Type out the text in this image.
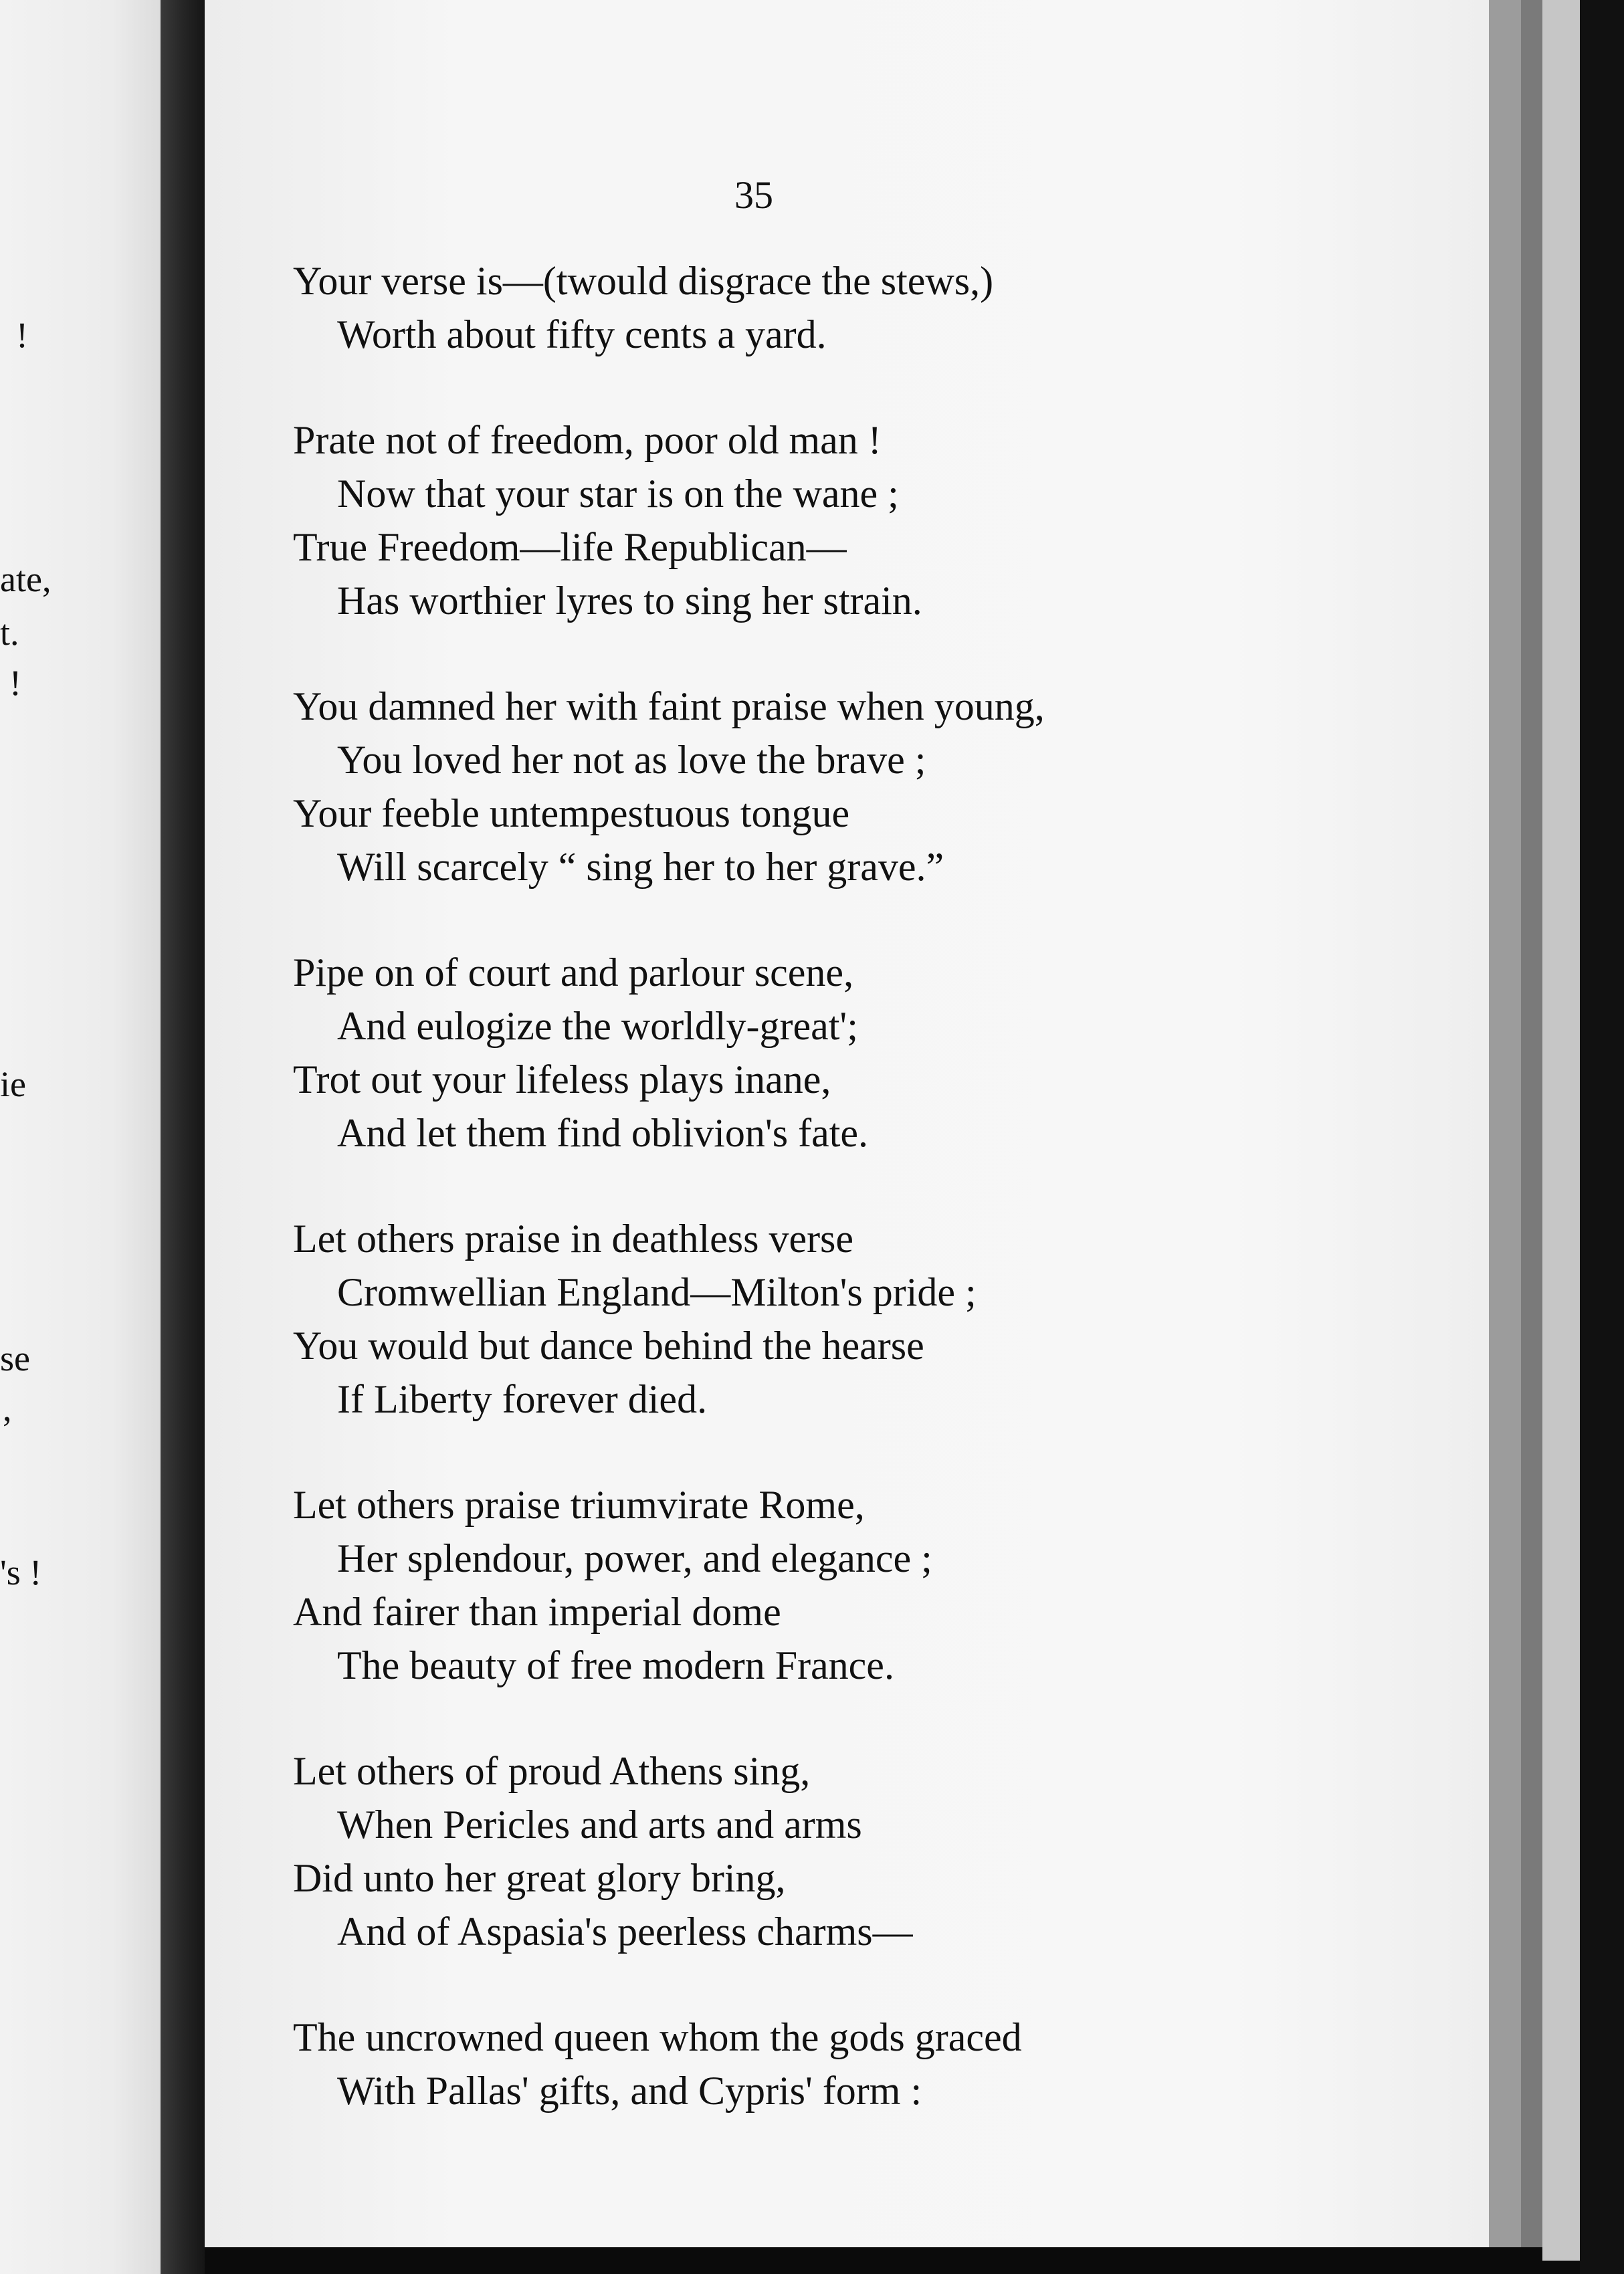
!
ate,
t.
!
ie
se
,
's !
35
Your verse is—(twould disgrace the stews,)
Worth about fifty cents a yard.
Prate not of freedom, poor old man !
Now that your star is on the wane ;
True Freedom—life Republican—
Has worthier lyres to sing her strain.
You damned her with faint praise when young,
You loved her not as love the brave ;
Your feeble untempestuous tongue
Will scarcely “ sing her to her grave.”
Pipe on of court and parlour scene,
And eulogize the worldly-great';
Trot out your lifeless plays inane,
And let them find oblivion's fate.
Let others praise in deathless verse
Cromwellian England—Milton's pride ;
You would but dance behind the hearse
If Liberty forever died.
Let others praise triumvirate Rome,
Her splendour, power, and elegance ;
And fairer than imperial dome
The beauty of free modern France.
Let others of proud Athens sing,
When Pericles and arts and arms
Did unto her great glory bring,
And of Aspasia's peerless charms—
The uncrowned queen whom the gods graced
With Pallas' gifts, and Cypris' form :
